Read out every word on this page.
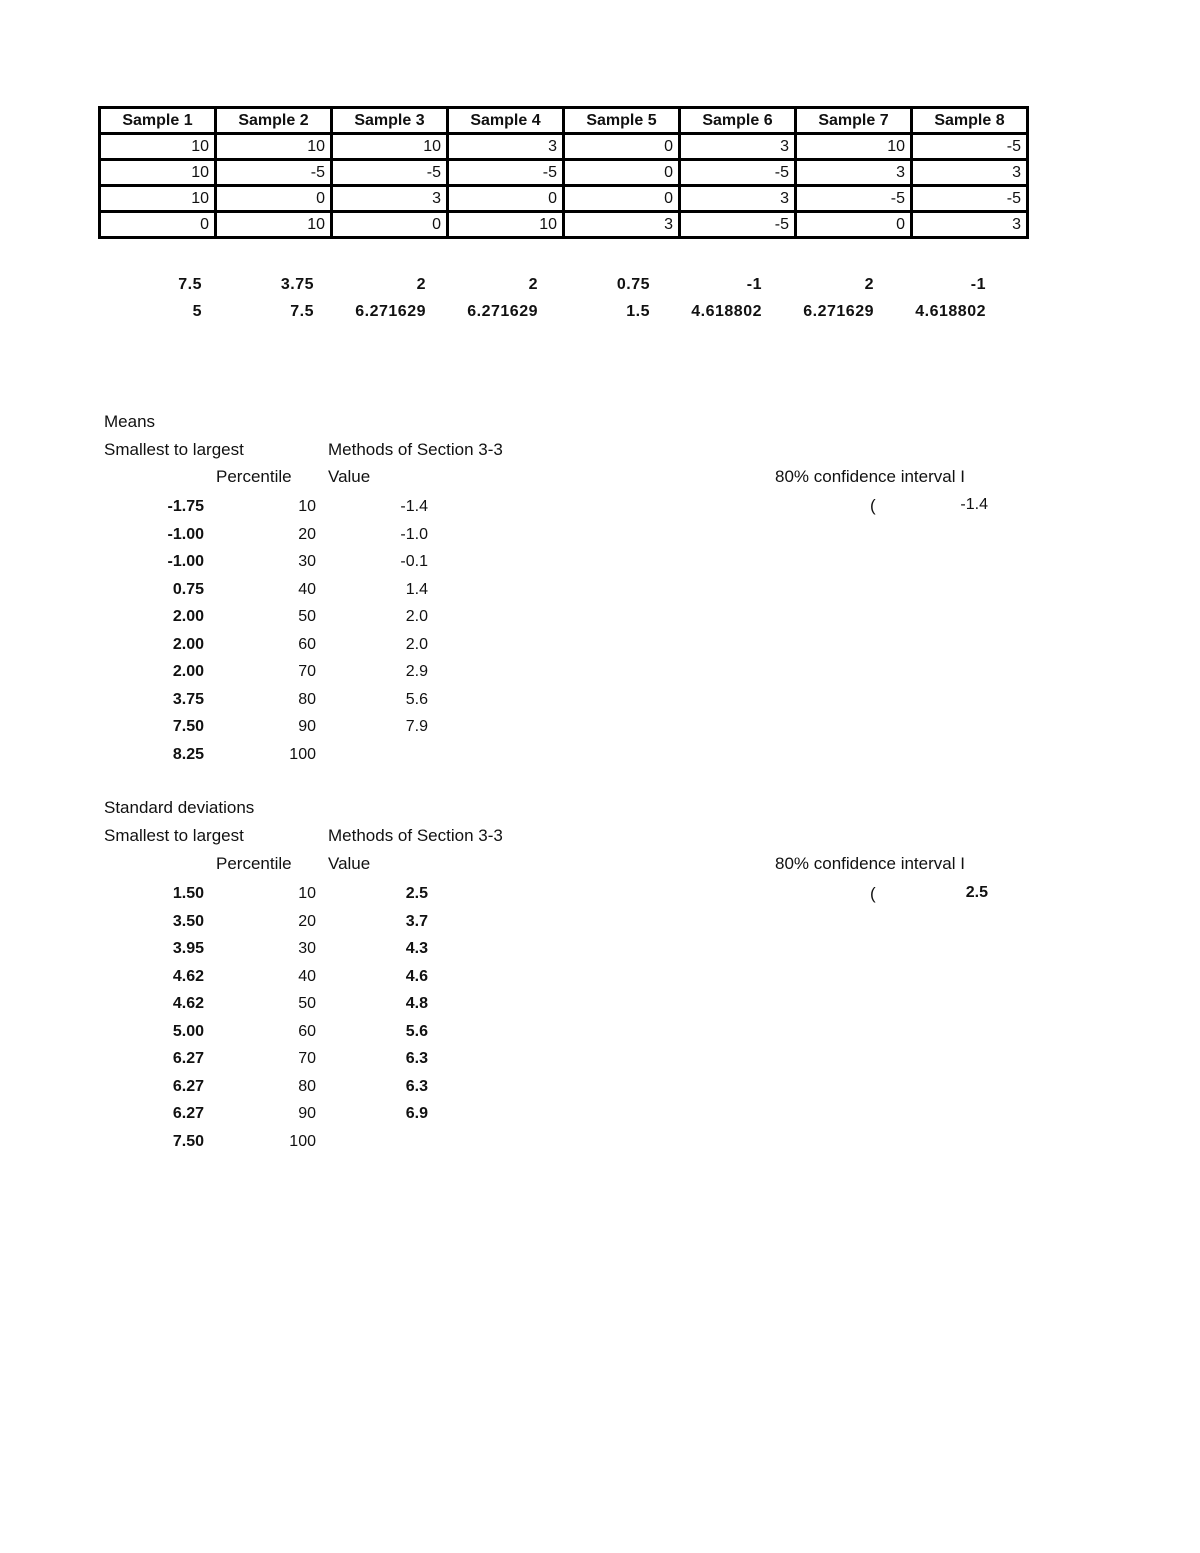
Sample 1	Sample 2	Sample 3	Sample 4	Sample 5	Sample 6	Sample 7	Sample 8
10	10	10	3	0	3	10	-5
10	-5	-5	-5	0	-5	3	3
10	0	3	0	0	3	-5	-5
0	10	0	10	3	-5	0	3
7.5	3.75	2	2	0.75	-1	2	-1
5	7.5	6.271629	6.271629	1.5	4.618802	6.271629	4.618802
Means
Smallest to largest	Methods of Section 3-3
Percentile Value	80% confidence interval I
(	-1.4
-1.75	10	-1.4
-1.00	20	-1.0
-1.00	30	-0.1
0.75	40	1.4
2.00	50	2.0
2.00	60	2.0
2.00	70	2.9
3.75	80	5.6
7.50	90	7.9
8.25	100
Standard deviations
Smallest to largest	Methods of Section 3-3
Percentile Value	80% confidence interval I
(	2.5
1.50	10	2.5
3.50	20	3.7
3.95	30	4.3
4.62	40	4.6
4.62	50	4.8
5.00	60	5.6
6.27	70	6.3
6.27	80	6.3
6.27	90	6.9
7.50	100
